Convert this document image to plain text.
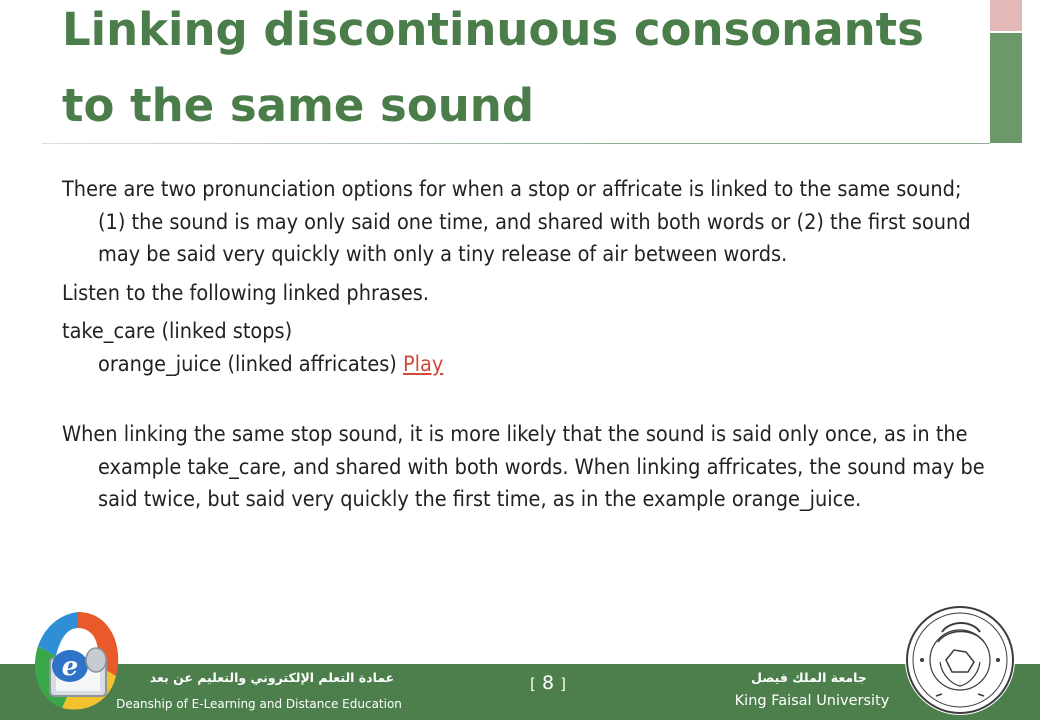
Linking discontinuous consonants to the same sound

There are two pronunciation options for when a stop or affricate is linked to the same sound; (1) the sound is may only said one time, and shared with both words or (2) the first sound may be said very quickly with only a tiny release of air between words.

Listen to the following linked phrases.

take_care (linked stops)
orange_juice (linked affricates) Play

When linking the same stop sound, it is more likely that the sound is said only once, as in the example take_care, and shared with both words. When linking affricates, the sound may be said twice, but said very quickly the first time, as in the example orange_juice.

e	عمادة التعلم الإلكتروني والتعليم عن بعد
Deanship of E-Learning and Distance Education
[ 8 ]	جامعة الملك فيصل
King Faisal University
